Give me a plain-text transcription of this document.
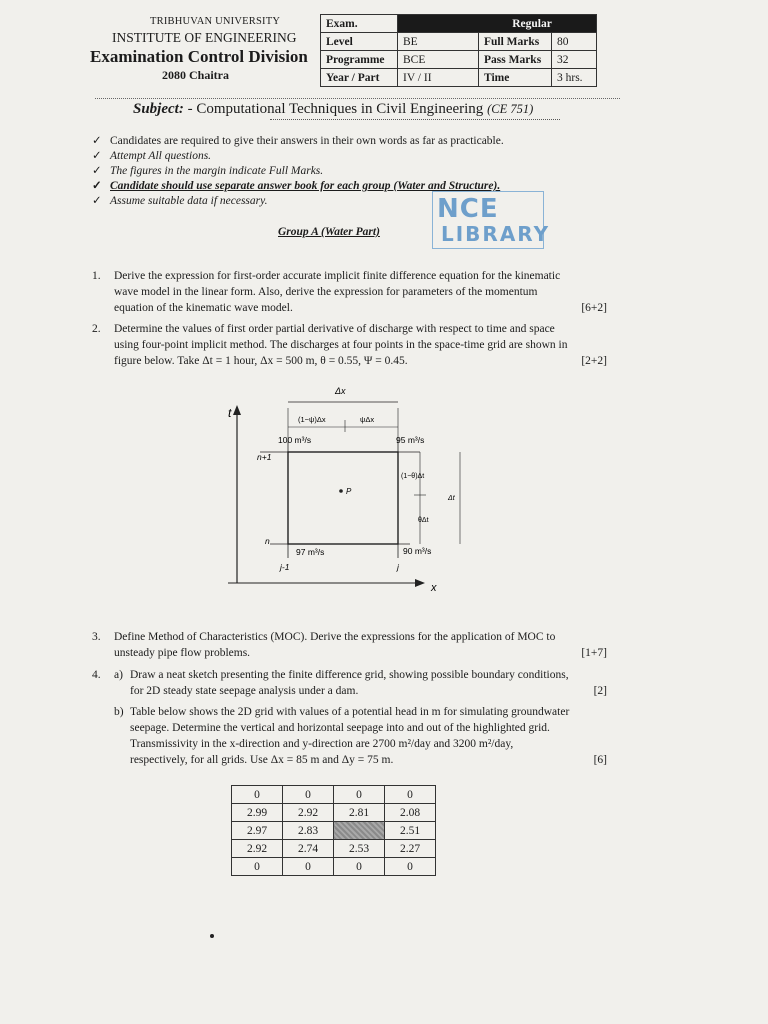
TRIBHUVAN UNIVERSITY
INSTITUTE OF ENGINEERING
Examination Control Division
2080 Chaitra
Exam.	Regular		
Level	BE	Full Marks	80
Programme	BCE	Pass Marks	32
Year / Part	IV / II	Time	3 hrs.
Subject: - Computational Techniques in Civil Engineering (CE 751)
✓ Candidates are required to give their answers in their own words as far as practicable.
✓ Attempt All questions.
✓ The figures in the margin indicate Full Marks.
✓ Candidate should use separate answer book for each group (Water and Structure).
✓ Assume suitable data if necessary.	NCE
LIBRARY
Group A (Water Part)
1. Derive the expression for first-order accurate implicit finite difference equation for the kinematic wave model in the linear form. Also, derive the expression for parameters of the momentum equation of the kinematic wave model.	[6+2]
2. Determine the values of first order partial derivative of discharge with respect to time and space using four-point implicit method. The discharges at four points in the space-time grid are shown in figure below. Take Δt = 1 hour, Δx = 500 m, θ = 0.55, Ψ = 0.45.	[2+2]
t
x
Δx
(1−ψ)Δx	ψΔx
100 m³/s	95 m³/s
97 m³/s	90 m³/s
n+1
n
j-1	j
P
(1−θ)Δt
θΔt
Δt
3. Define Method of Characteristics (MOC). Derive the expressions for the application of MOC to unsteady pipe flow problems.	[1+7]
4. a) Draw a neat sketch presenting the finite difference grid, showing possible boundary conditions, for 2D steady state seepage analysis under a dam.	[2]
b) Table below shows the 2D grid with values of a potential head in m for simulating groundwater seepage. Determine the vertical and horizontal seepage into and out of the highlighted grid. Transmissivity in the x-direction and y-direction are 2700 m²/day and 3200 m²/day, respectively, for all grids. Use Δx = 85 m and Δy = 75 m.	[6]
0	0	0	0
2.99	2.92	2.81	2.08
2.97	2.83		2.51
2.92	2.74	2.53	2.27
0	0	0	0
